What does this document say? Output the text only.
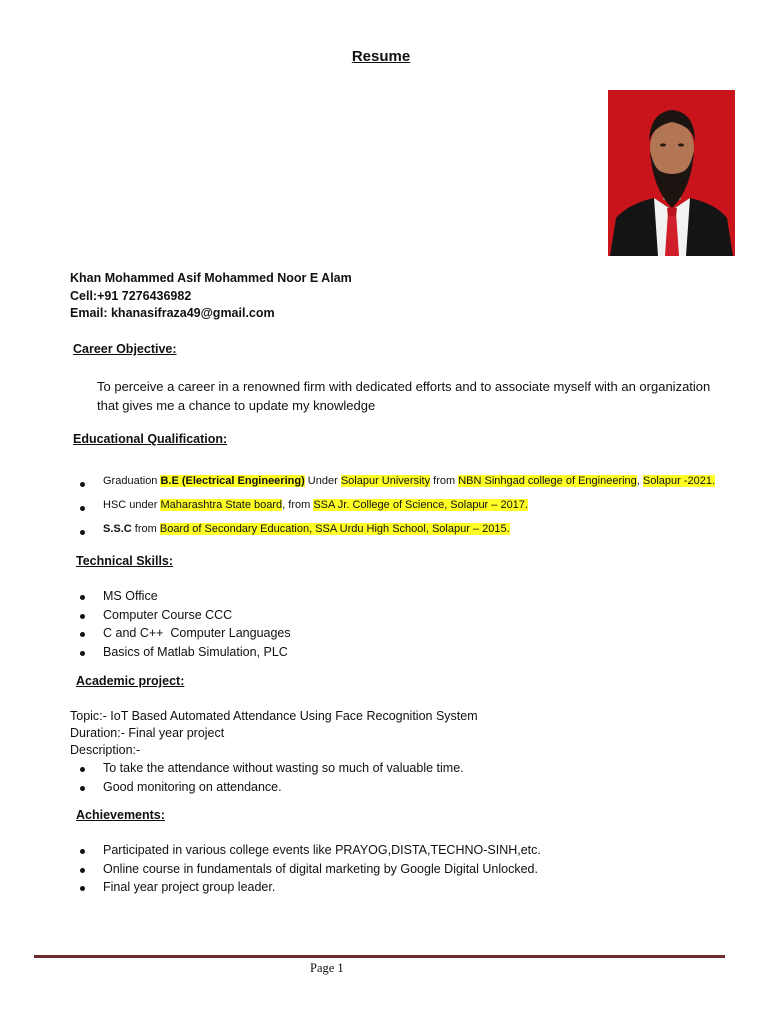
Resume
Khan Mohammed Asif Mohammed Noor E Alam
Cell:+91 7276436982
Email: khanasifraza49@gmail.com
Career Objective:
To perceive a career in a renowned firm with dedicated efforts and to associate myself with an organization that gives me a chance to update my knowledge
Educational Qualification:
Graduation B.E (Electrical Engineering) Under Solapur University from NBN Sinhgad college of Engineering, Solapur -2021.
HSC under Maharashtra State board, from SSA Jr. College of Science, Solapur – 2017.
S.S.C from Board of Secondary Education, SSA Urdu High School, Solapur – 2015.
Technical Skills:
MS Office
Computer Course CCC
C and C++  Computer Languages
Basics of Matlab Simulation, PLC
Academic project:
Topic:- IoT Based Automated Attendance Using Face Recognition System
Duration:- Final year project
Description:-
To take the attendance without wasting so much of valuable time.
Good monitoring on attendance.
Achievements:
Participated in various college events like PRAYOG,DISTA,TECHNO-SINH,etc.
Online course in fundamentals of digital marketing by Google Digital Unlocked.
Final year project group leader.
Page 1
